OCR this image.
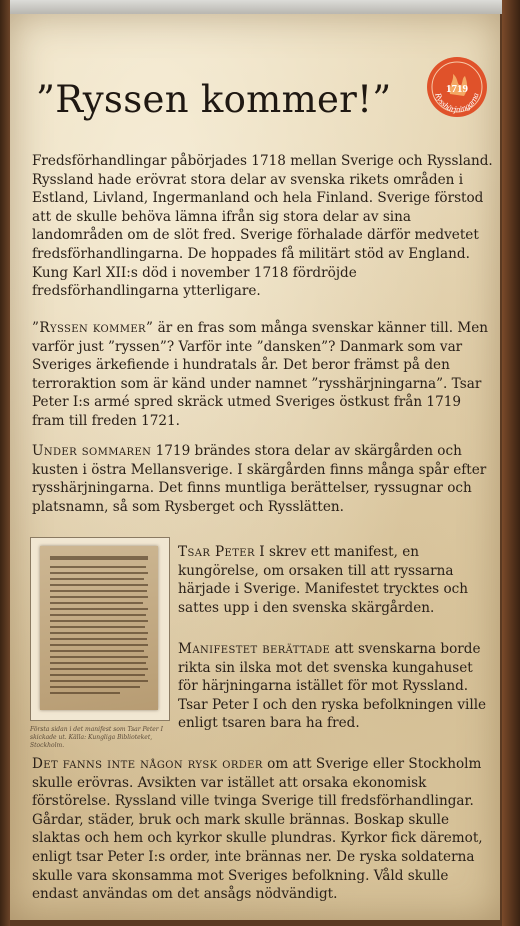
”Ryssen kommer!”	Rysshärjningarna
1719

Fredsförhandlingar påbörjades 1718 mellan Sverige och Ryssland. Ryssland hade erövrat stora delar av svenska rikets områden i Estland, Livland, Ingermanland och hela Finland. Sverige förstod att de skulle behöva lämna ifrån sig stora delar av sina landområden om de slöt fred. Sverige förhalade därför medvetet fredsförhandlingarna. De hoppades få militärt stöd av England. Kung Karl XII:s död i november 1718 fördröjde fredsförhandlingarna ytterligare.

”Ryssen kommer” är en fras som många svenskar känner till. Men varför just ”ryssen”? Varför inte ”dansken”? Danmark som var Sveriges ärkefiende i hundratals år. Det beror främst på den terroraktion som är känd under namnet ”rysshärjningarna”. Tsar Peter I:s armé spred skräck utmed Sveriges östkust från 1719 fram till freden 1721.

Under sommaren 1719 brändes stora delar av skärgården och kusten i östra Mellansverige. I skärgården finns många spår efter rysshärjningarna. Det finns muntliga berättelser, ryssugnar och platsnamn, så som Rysberget och Rysslätten.

Första sidan i det manifest som Tsar Peter I skickade ut. Källa: Kungliga Biblioteket, Stockholm.

Tsar Peter I skrev ett manifest, en kungörelse, om orsaken till att ryssarna härjade i Sverige. Manifestet trycktes och sattes upp i den svenska skärgården.

Manifestet berättade att svenskarna borde rikta sin ilska mot det svenska kungahuset för härjningarna istället för mot Ryssland. Tsar Peter I och den ryska befolkningen ville enligt tsaren bara ha fred.

Det fanns inte någon rysk order om att Sverige eller Stockholm skulle erövras. Avsikten var istället att orsaka ekonomisk förstörelse. Ryssland ville tvinga Sverige till fredsförhandlingar. Gårdar, städer, bruk och mark skulle brännas. Boskap skulle slaktas och hem och kyrkor skulle plundras. Kyrkor fick däremot, enligt tsar Peter I:s order, inte brännas ner. De ryska soldaterna skulle vara skonsamma mot Sveriges befolkning. Våld skulle endast användas om det ansågs nödvändigt.
